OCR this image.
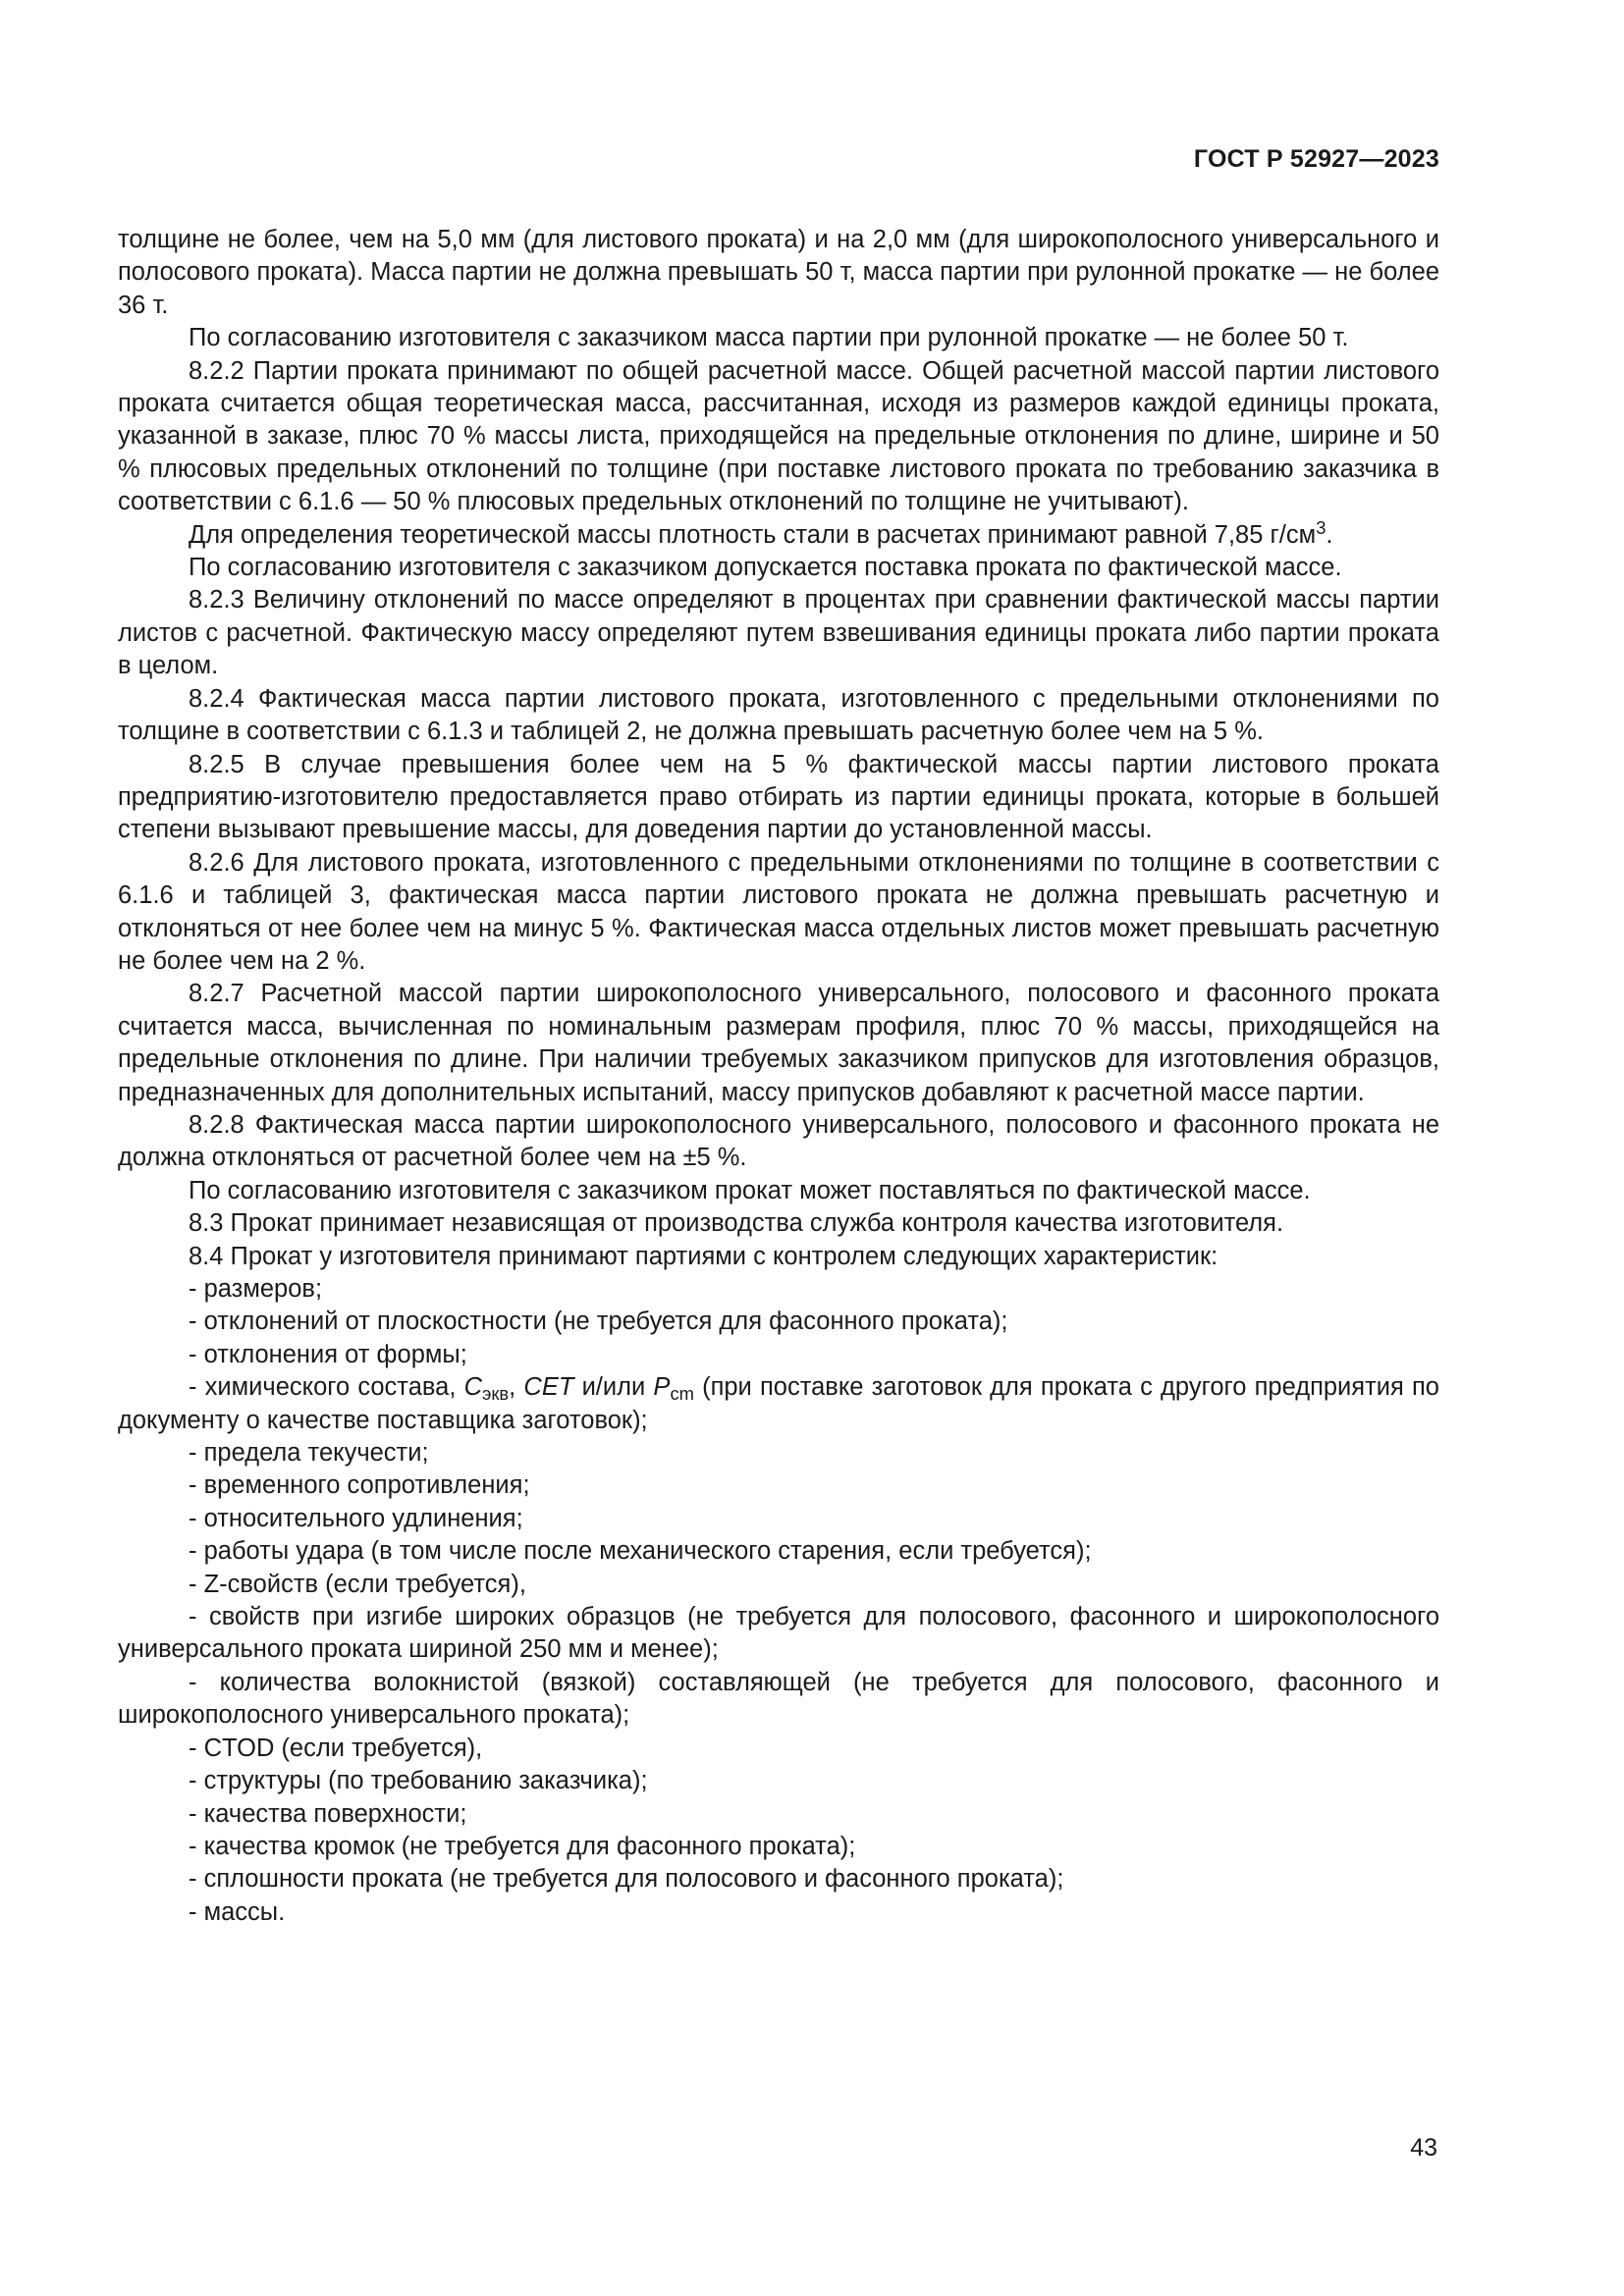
ГОСТ Р 52927—2023

толщине не более, чем на 5,0 мм (для листового проката) и на 2,0 мм (для широкополосного универсального и полосового проката). Масса партии не должна превышать 50 т, масса партии при рулонной прокатке — не более 36 т.

По согласованию изготовителя с заказчиком масса партии при рулонной прокатке — не более 50 т.

8.2.2 Партии проката принимают по общей расчетной массе. Общей расчетной массой партии листового проката считается общая теоретическая масса, рассчитанная, исходя из размеров каждой единицы проката, указанной в заказе, плюс 70 % массы листа, приходящейся на предельные отклонения по длине, ширине и 50 % плюсовых предельных отклонений по толщине (при поставке листового проката по требованию заказчика в соответствии с 6.1.6 — 50 % плюсовых предельных отклонений по толщине не учитывают).

Для определения теоретической массы плотность стали в расчетах принимают равной 7,85 $г/см^3$.

По согласованию изготовителя с заказчиком допускается поставка проката по фактической массе.

8.2.3 Величину отклонений по массе определяют в процентах при сравнении фактической массы партии листов с расчетной. Фактическую массу определяют путем взвешивания единицы проката либо партии проката в целом.

8.2.4 Фактическая масса партии листового проката, изготовленного с предельными отклонениями по толщине в соответствии с 6.1.3 и таблицей 2, не должна превышать расчетную более чем на 5 %.

8.2.5 В случае превышения более чем на 5 % фактической массы партии листового проката предприятию-изготовителю предоставляется право отбирать из партии единицы проката, которые в большей степени вызывают превышение массы, для доведения партии до установленной массы.

8.2.6 Для листового проката, изготовленного с предельными отклонениями по толщине в соответствии с 6.1.6 и таблицей 3, фактическая масса партии листового проката не должна превышать расчетную и отклоняться от нее более чем на минус 5 %. Фактическая масса отдельных листов может превышать расчетную не более чем на 2 %.

8.2.7 Расчетной массой партии широкополосного универсального, полосового и фасонного проката считается масса, вычисленная по номинальным размерам профиля, плюс 70 % массы, приходящейся на предельные отклонения по длине. При наличии требуемых заказчиком припусков для изготовления образцов, предназначенных для дополнительных испытаний, массу припусков добавляют к расчетной массе партии.

8.2.8 Фактическая масса партии широкополосного универсального, полосового и фасонного проката не должна отклоняться от расчетной более чем на ±5 %.

По согласованию изготовителя с заказчиком прокат может поставляться по фактической массе.

8.3 Прокат принимает независящая от производства служба контроля качества изготовителя.

8.4 Прокат у изготовителя принимают партиями с контролем следующих характеристик:

- размеров;

- отклонений от плоскостности (не требуется для фасонного проката);

- отклонения от формы;

- химического состава, $C_{экв}$, CET и/или $P_{cm}$ (при поставке заготовок для проката с другого предприятия по документу о качестве поставщика заготовок);

- предела текучести;

- временного сопротивления;

- относительного удлинения;

- работы удара (в том числе после механического старения, если требуется);

- Z-свойств (если требуется),

- свойств при изгибе широких образцов (не требуется для полосового, фасонного и широкополосного универсального проката шириной 250 мм и менее);

- количества волокнистой (вязкой) составляющей (не требуется для полосового, фасонного и широкополосного универсального проката);

- CTOD (если требуется),

- структуры (по требованию заказчика);

- качества поверхности;

- качества кромок (не требуется для фасонного проката);

- сплошности проката (не требуется для полосового и фасонного проката);

- массы.

43
